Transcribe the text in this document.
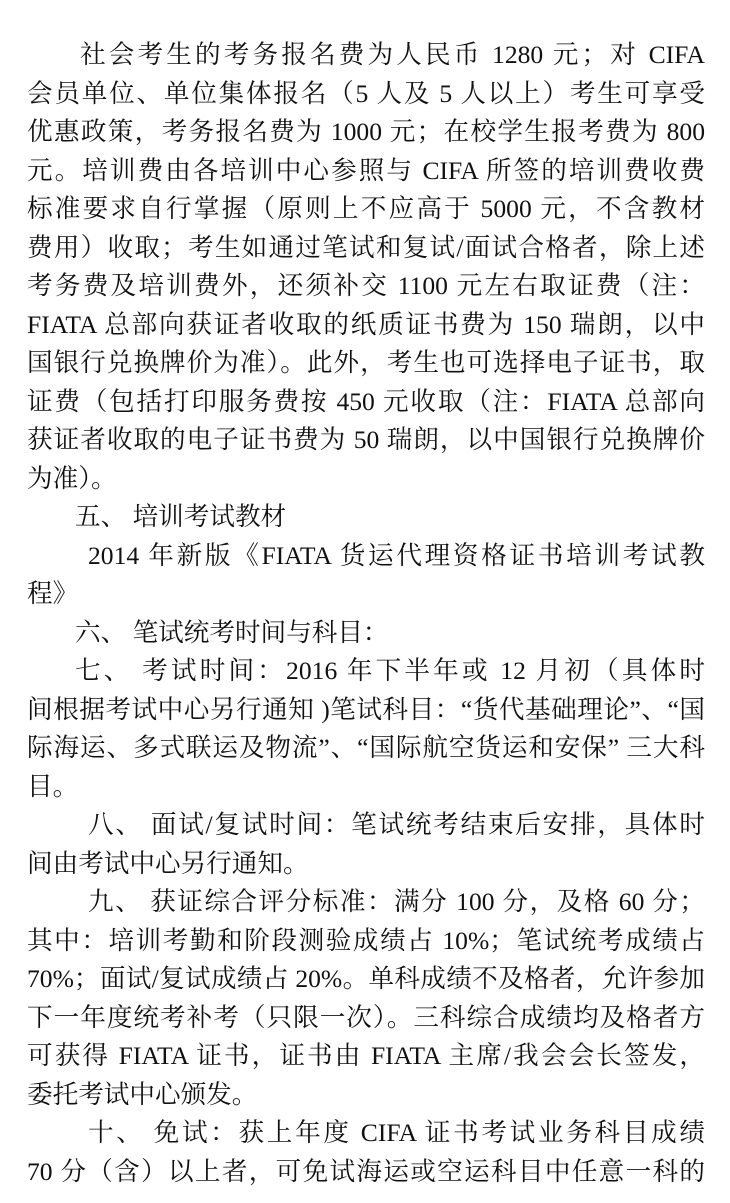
社会考生的考务报名费为人民币 1280 元；对 CIFA
会员单位、单位集体报名（5 人及 5 人以上）考生可享受
优惠政策，考务报名费为 1000 元；在校学生报考费为 800
元。培训费由各培训中心参照与 CIFA 所签的培训费收费
标准要求自行掌握（原则上不应高于 5000 元，不含教材
费用）收取；考生如通过笔试和复试/面试合格者，除上述
考务费及培训费外，还须补交 1100 元左右取证费（注：
FIATA 总部向获证者收取的纸质证书费为 150 瑞朗，以中
国银行兑换牌价为准）。此外，考生也可选择电子证书，取
证费（包括打印服务费按 450 元收取（注：FIATA 总部向
获证者收取的电子证书费为 50 瑞朗，以中国银行兑换牌价
为准）。
五、 培训考试教材
2014 年新版《FIATA 货运代理资格证书培训考试教
程》
六、 笔试统考时间与科目：
七、 考试时间：2016 年下半年或 12 月初（具体时
间根据考试中心另行通知 )笔试科目：“货代基础理论”、“国
际海运、多式联运及物流”、“国际航空货运和安保” 三大科
目。
八、 面试/复试时间：笔试统考结束后安排，具体时
间由考试中心另行通知。
九、 获证综合评分标准：满分 100 分，及格 60 分；
其中：培训考勤和阶段测验成绩占 10%；笔试统考成绩占
70%；面试/复试成绩占 20%。单科成绩不及格者，允许参加
下一年度统考补考（只限一次）。三科综合成绩均及格者方
可获得 FIATA 证书，证书由 FIATA 主席/我会会长签发，
委托考试中心颁发。
十、 免试：获上年度 CIFA 证书考试业务科目成绩
70 分（含）以上者，可免试海运或空运科目中任意一科的
